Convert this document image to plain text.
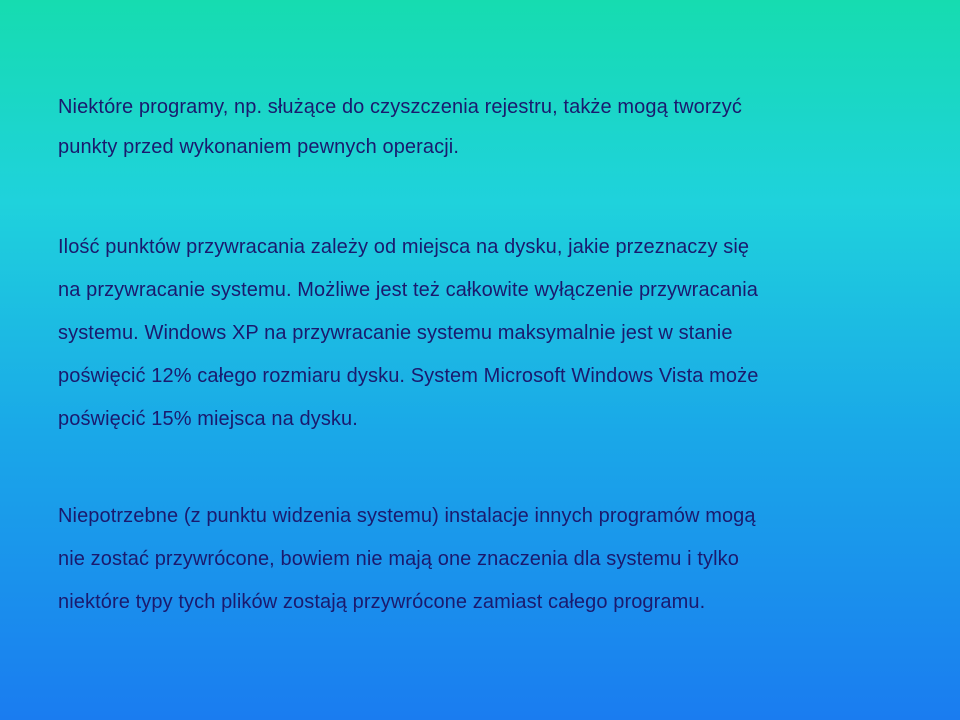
Niektóre programy, np. służące do czyszczenia rejestru, także mogą tworzyć
punkty przed wykonaniem pewnych operacji.

Ilość punktów przywracania zależy od miejsca na dysku, jakie przeznaczy się
na przywracanie systemu. Możliwe jest też całkowite wyłączenie przywracania
systemu. Windows XP na przywracanie systemu maksymalnie jest w stanie
poświęcić 12% całego rozmiaru dysku. System Microsoft Windows Vista może
poświęcić 15% miejsca na dysku.

Niepotrzebne (z punktu widzenia systemu) instalacje innych programów mogą
nie zostać przywrócone, bowiem nie mają one znaczenia dla systemu i tylko
niektóre typy tych plików zostają przywrócone zamiast całego programu.
